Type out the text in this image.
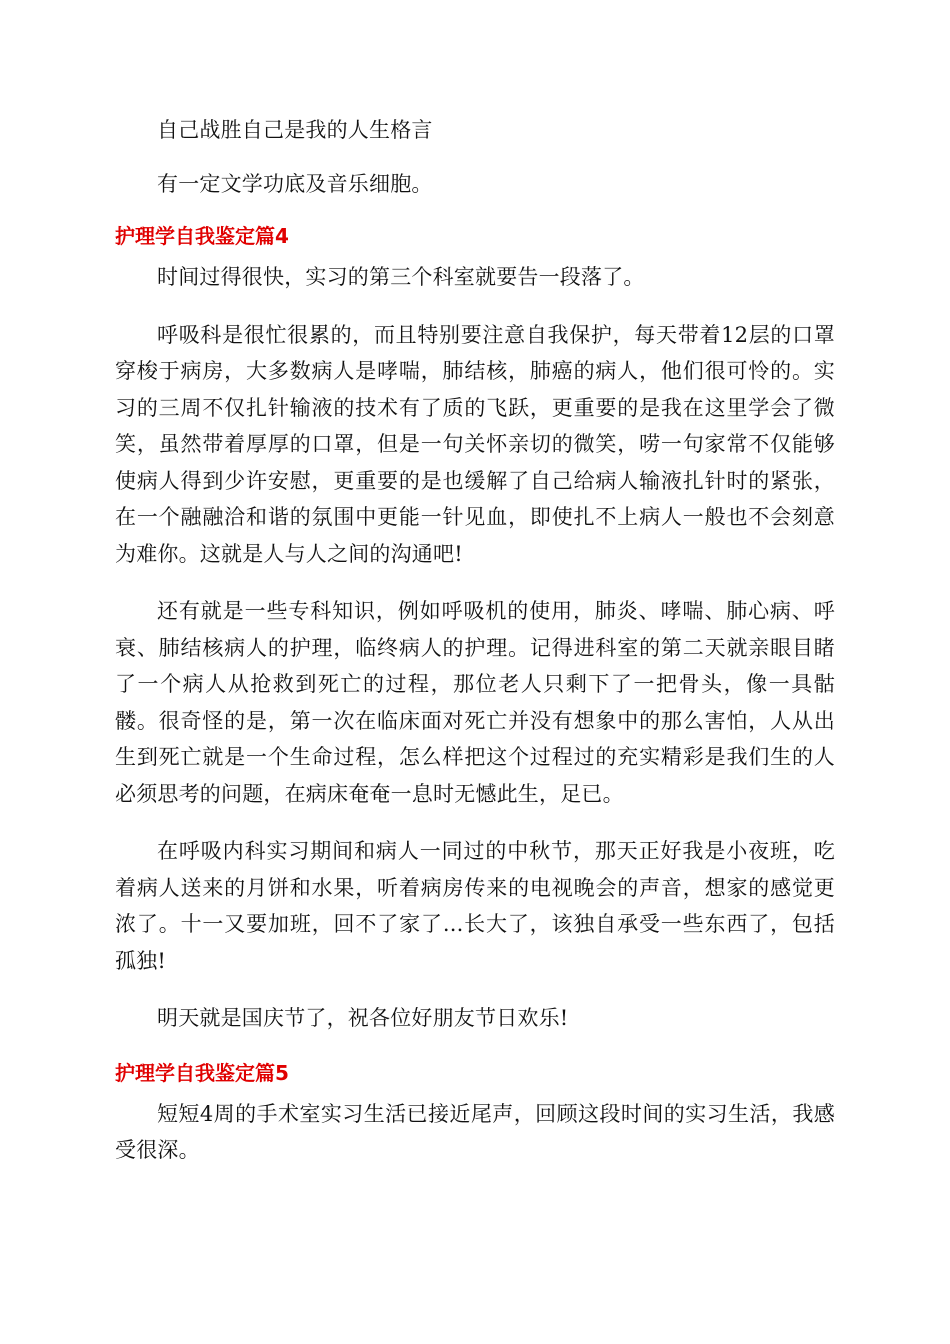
自己战胜自己是我的人生格言

有一定文学功底及音乐细胞。

护理学自我鉴定篇4

时间过得很快，实习的第三个科室就要告一段落了。

呼吸科是很忙很累的，而且特别要注意自我保护，每天带着12层的口罩穿梭于病房，大多数病人是哮喘，肺结核，肺癌的病人，他们很可怜的。实习的三周不仅扎针输液的技术有了质的飞跃，更重要的是我在这里学会了微笑，虽然带着厚厚的口罩，但是一句关怀亲切的微笑，唠一句家常不仅能够使病人得到少许安慰，更重要的是也缓解了自己给病人输液扎针时的紧张，在一个融融洽和谐的氛围中更能一针见血，即使扎不上病人一般也不会刻意为难你。这就是人与人之间的沟通吧!

还有就是一些专科知识，例如呼吸机的使用，肺炎、哮喘、肺心病、呼衰、肺结核病人的护理，临终病人的护理。记得进科室的第二天就亲眼目睹了一个病人从抢救到死亡的过程，那位老人只剩下了一把骨头，像一具骷髅。很奇怪的是，第一次在临床面对死亡并没有想象中的那么害怕，人从出生到死亡就是一个生命过程，怎么样把这个过程过的充实精彩是我们生的人必须思考的问题，在病床奄奄一息时无憾此生，足已。

在呼吸内科实习期间和病人一同过的中秋节，那天正好我是小夜班，吃着病人送来的月饼和水果，听着病房传来的电视晚会的声音，想家的感觉更浓了。十一又要加班，回不了家了...长大了，该独自承受一些东西了，包括孤独!

明天就是国庆节了，祝各位好朋友节日欢乐!

护理学自我鉴定篇5

短短4周的手术室实习生活已接近尾声，回顾这段时间的实习生活，我感受很深。
